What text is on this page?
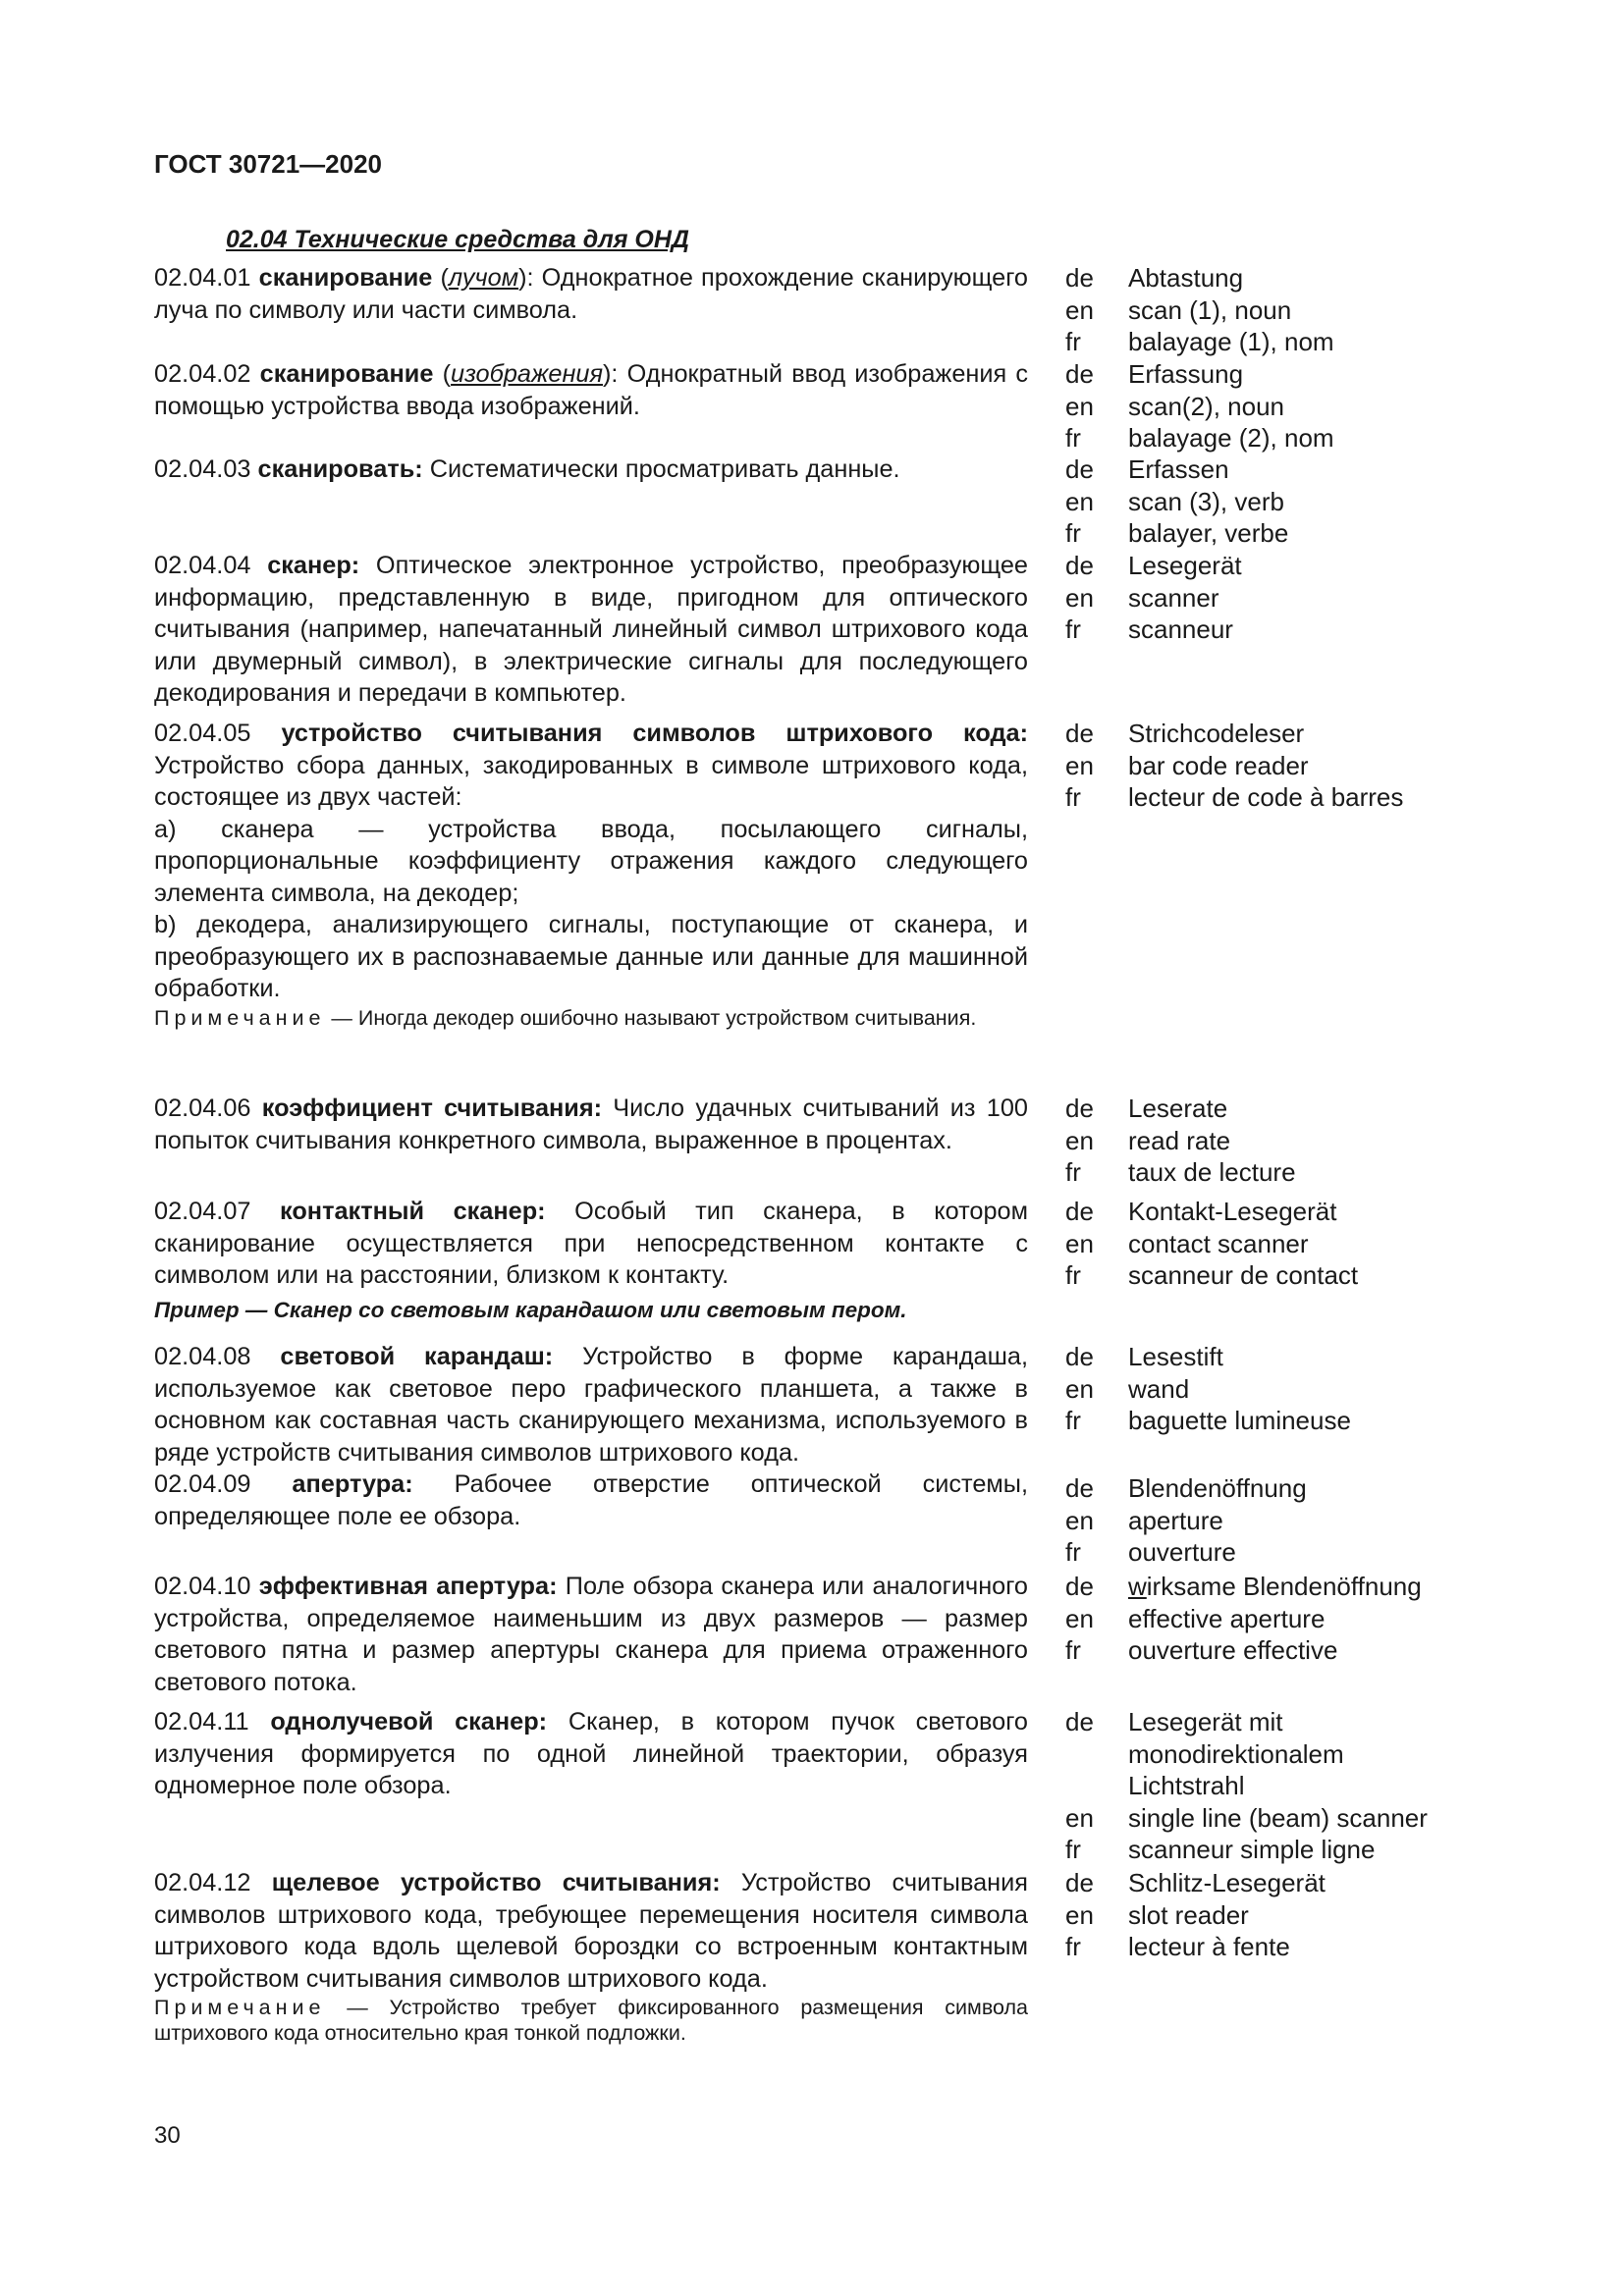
ГОСТ 30721—2020
02.04 Технические средства для ОНД

02.04.01 сканирование (лучом): Однократное прохождение сканирующего луча по символу или части символа.

de	Abtastung
en	scan (1), noun
fr	balayage (1), nom

02.04.02 сканирование (изображения): Однократный ввод изображения с помощью устройства ввода изображений.

de	Erfassung
en	scan(2), noun
fr	balayage (2), nom

02.04.03 сканировать: Систематически просматривать данные.	de	Erfassen
en	scan (3), verb
fr	balayer, verbe

02.04.04 сканер: Оптическое электронное устройство, преобразующее информацию, представленную в виде, пригодном для оптического считывания (например, напечатанный линейный символ штрихового кода или двумерный символ), в электрические сигналы для последующего декодирования и передачи в компьютер.

de	Lesegerät
en	scanner
fr	scanneur

02.04.05 устройство считывания символов штрихового кода: Устройство сбора данных, закодированных в символе штрихового кода, состоящее из двух частей:

a) сканера — устройства ввода, посылающего сигналы, пропорциональные коэффициенту отражения каждого следующего элемента символа, на декодер;

b) декодера, анализирующего сигналы, поступающие от сканера, и преобразующего их в распознаваемые данные или данные для машинной обработки.

Примечание — Иногда декодер ошибочно называют устройством считывания.

de	Strichcodeleser
en	bar code reader
fr	lecteur de code à barres

02.04.06 коэффициент считывания: Число удачных считываний из 100 попыток считывания конкретного символа, выраженное в процентах.

de	Leserate
en	read rate
fr	taux de lecture

02.04.07 контактный сканер: Особый тип сканера, в котором сканирование осуществляется при непосредственном контакте с символом или на расстоянии, близком к контакту.

Пример — Сканер со световым карандашом или световым пером.

de	Kontakt-Lesegerät
en	contact scanner
fr	scanneur de contact

02.04.08 световой карандаш: Устройство в форме карандаша, используемое как световое перо графического планшета, а также в основном как составная часть сканирующего механизма, используемого в ряде устройств считывания символов штрихового кода.

de	Lesestift
en	wand
fr	baguette lumineuse

02.04.09 апертура: Рабочее отверстие оптической системы, определяющее поле ее обзора.

de	Blendenöffnung
en	aperture
fr	ouverture

02.04.10 эффективная апертура: Поле обзора сканера или аналогичного устройства, определяемое наименьшим из двух размеров — размер светового пятна и размер апертуры сканера для приема отраженного светового потока.

de	wirksame Blendenöffnung
en	effective aperture
fr	ouverture effective

02.04.11 однолучевой сканер: Сканер, в котором пучок светового излучения формируется по одной линейной траектории, образуя одномерное поле обзора.

de	Lesegerät mit
monodirektionalem
Lichtstrahl
en	single line (beam) scanner
fr	scanneur simple ligne

02.04.12 щелевое устройство считывания: Устройство считывания символов штрихового кода, требующее перемещения носителя символа штрихового кода вдоль щелевой бороздки со встроенным контактным устройством считывания символов штрихового кода.

Примечание — Устройство требует фиксированного размещения символа штрихового кода относительно края тонкой подложки.

de	Schlitz-Lesegerät
en	slot reader
fr	lecteur à fente
30
